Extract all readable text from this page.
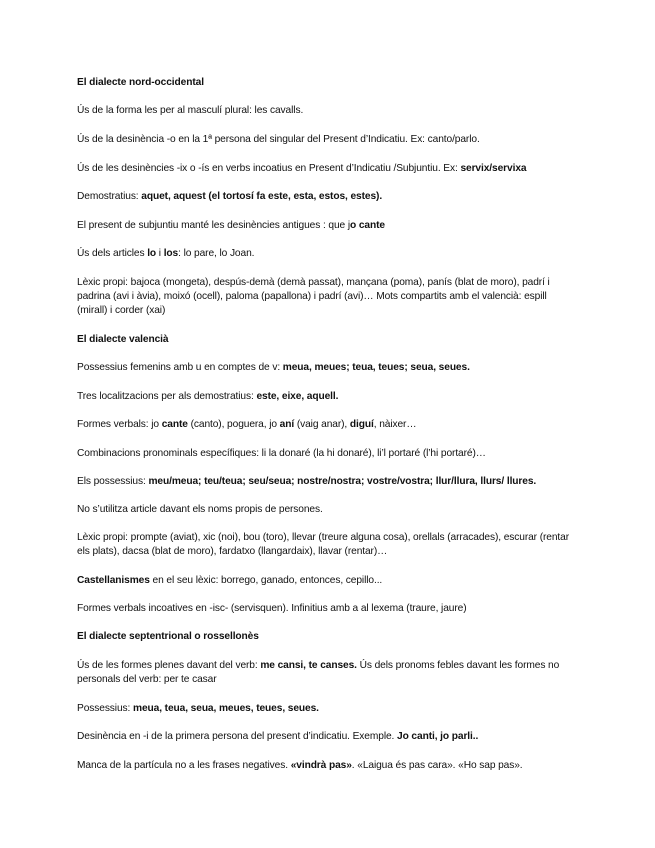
El dialecte nord-occidental

Ús de la forma les per al masculí plural: les cavalls.

Ús de la desinència -o en la 1ª persona del singular del Present d’Indicatiu. Ex: canto/parlo.

Ús de les desinències -ix o -ís en verbs incoatius en Present d’Indicatiu /Subjuntiu. Ex: servix/servixa

Demostratius: aquet, aquest (el tortosí fa este, esta, estos, estes).

El present de subjuntiu manté les desinències antigues : que jo cante

Ús dels articles lo i los: lo pare, lo Joan.

Lèxic propi: bajoca (mongeta), despús-demà (demà passat), mançana (poma), panís (blat de moro), padrí i padrina (avi i àvia), moixó (ocell), paloma (papallona) i padrí (avi)… Mots compartits amb el valencià: espill (mirall) i corder (xai)

El dialecte valencià

Possessius femenins amb u en comptes de v: meua, meues; teua, teues; seua, seues.

Tres localitzacions per als demostratius: este, eixe, aquell.

Formes verbals: jo cante (canto), poguera, jo aní (vaig anar), diguí, nàixer…

Combinacions pronominals específiques: li la donaré (la hi donaré), li’l portaré (l’hi portaré)…

Els possessius: meu/meua; teu/teua; seu/seua; nostre/nostra; vostre/vostra; llur/llura, llurs/ llures.

No s’utilitza article davant els noms propis de persones.

Lèxic propi: prompte (aviat), xic (noi), bou (toro), llevar (treure alguna cosa), orellals (arracades), escurar (rentar els plats), dacsa (blat de moro), fardatxo (llangardaix), llavar (rentar)…

Castellanismes en el seu lèxic: borrego, ganado, entonces, cepillo...

Formes verbals incoatives en -isc- (servisquen). Infinitius amb a al lexema (traure, jaure)

El dialecte septentrional o rossellonès

Ús de les formes plenes davant del verb: me cansi, te canses. Ús dels pronoms febles davant les formes no personals del verb: per te casar

Possessius: meua, teua, seua, meues, teues, seues.

Desinència en -i de la primera persona del present d’indicatiu. Exemple. Jo canti, jo parli..

Manca de la partícula no a les frases negatives. «vindrà pas». «Laigua és pas cara». «Ho sap pas».
